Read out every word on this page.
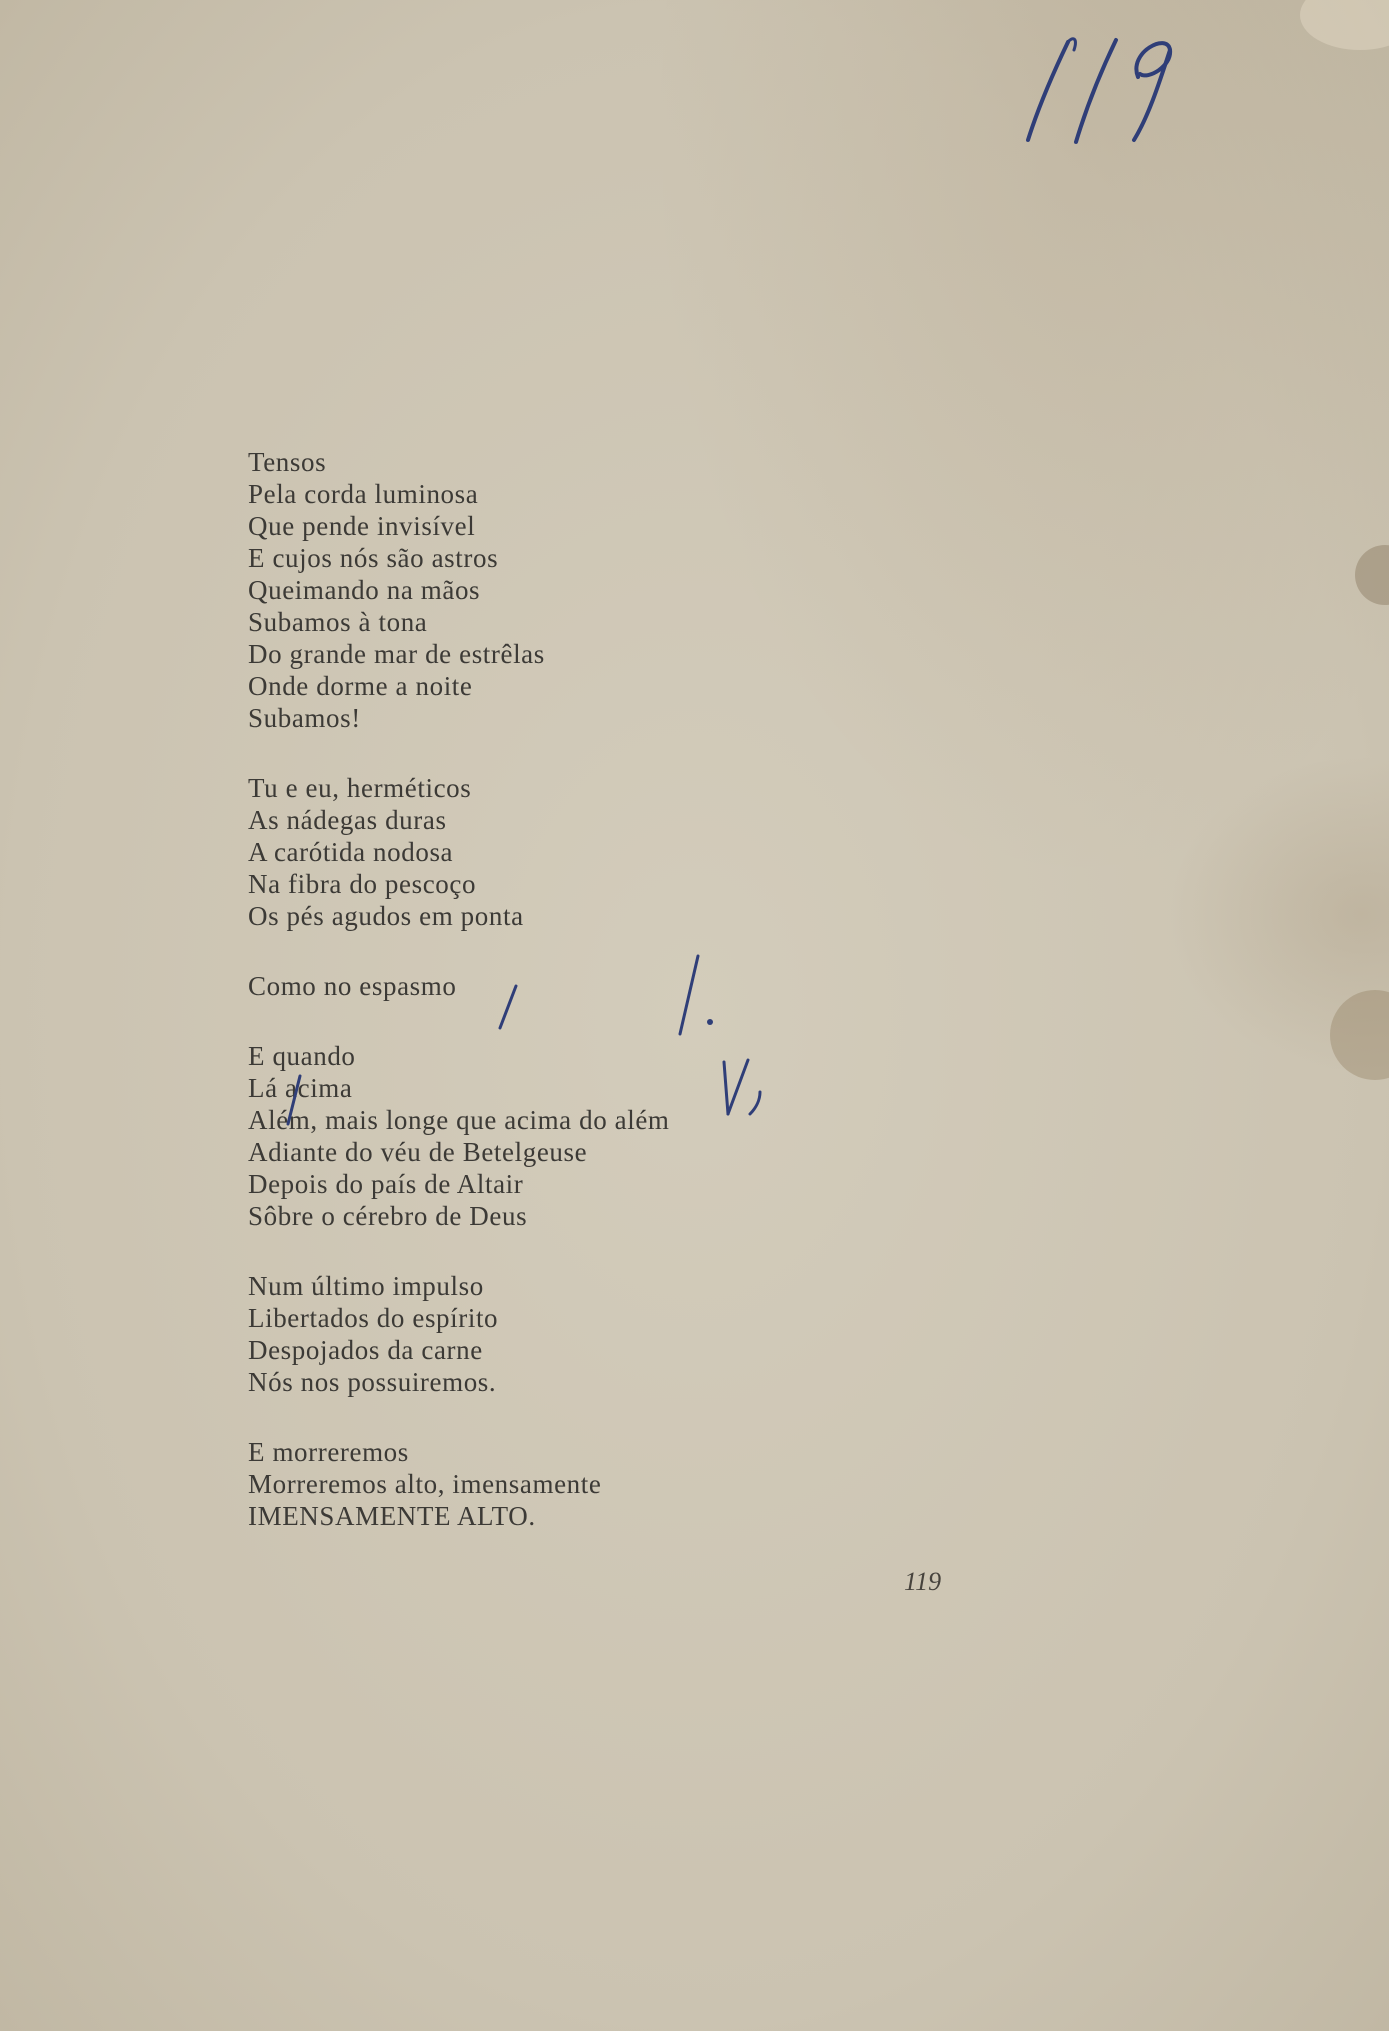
Tensos
Pela corda luminosa
Que pende invisível
E cujos nós são astros
Queimando na mãos
Subamos à tona
Do grande mar de estrêlas
Onde dorme a noite
Subamos!
Tu e eu, herméticos
As nádegas duras
A carótida nodosa
Na fibra do pescoço
Os pés agudos em ponta
Como no espasmo
E quando
Lá acima
Além, mais longe que acima do além
Adiante do véu de Betelgeuse
Depois do país de Altair
Sôbre o cérebro de Deus
Num último impulso
Libertados do espírito
Despojados da carne
Nós nos possuiremos.
E morreremos
Morreremos alto, imensamente
IMENSAMENTE ALTO.
119
